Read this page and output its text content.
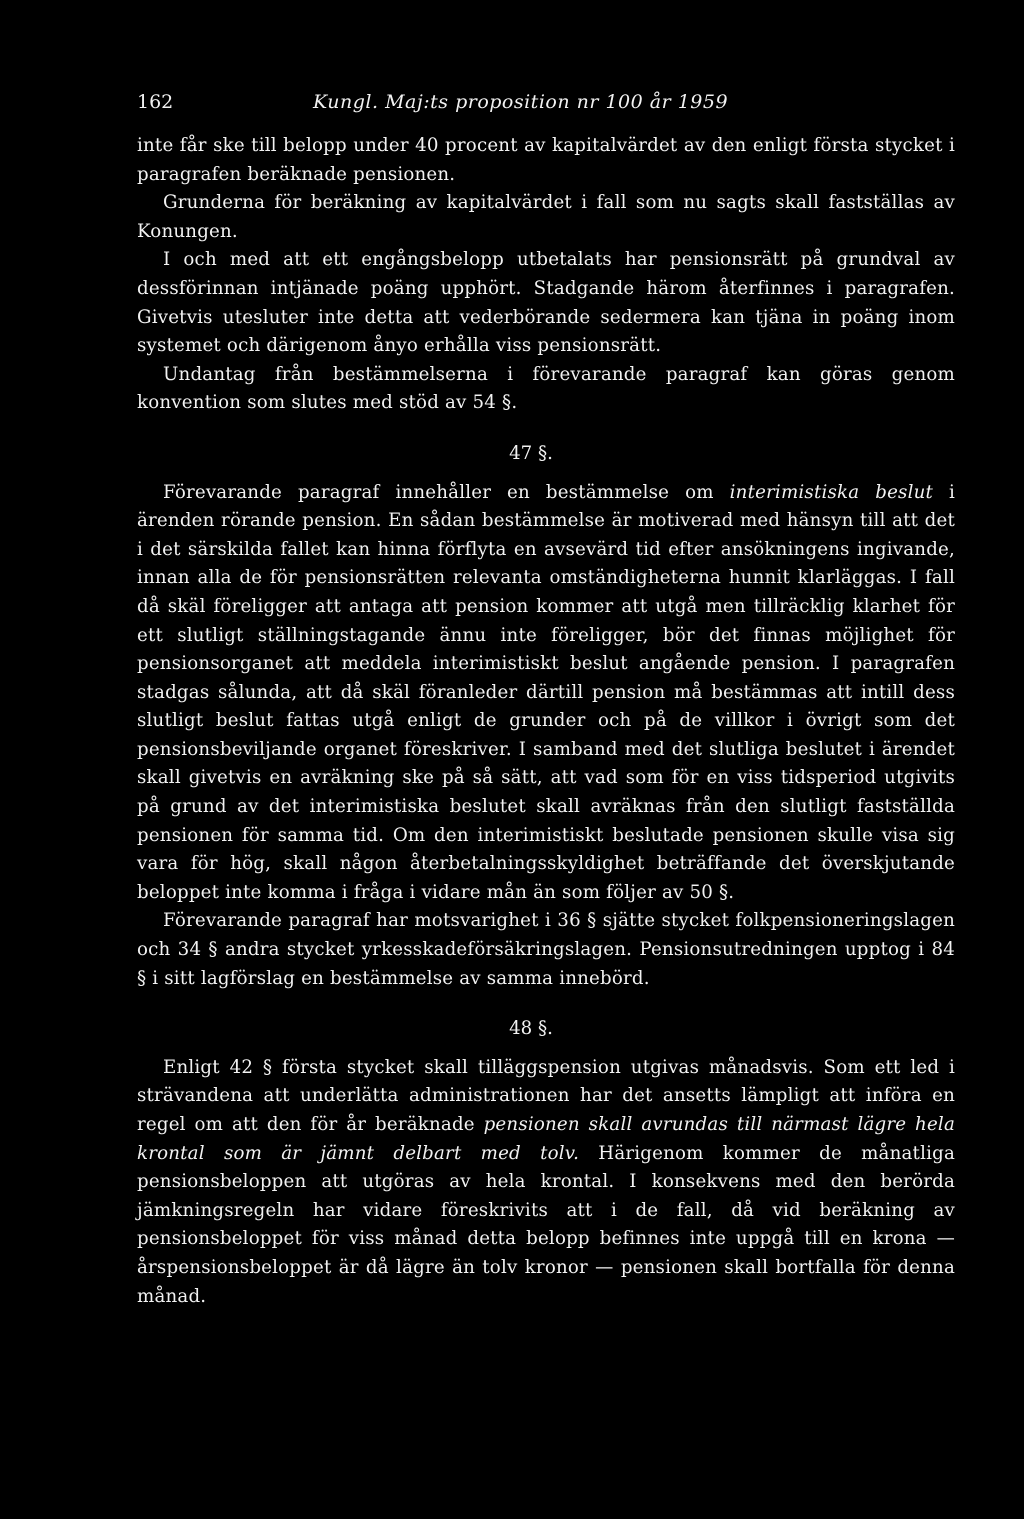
162	Kungl. Maj:ts proposition nr 100 år 1959

inte får ske till belopp under 40 procent av kapitalvärdet av den enligt första stycket i paragrafen beräknade pensionen.

Grunderna för beräkning av kapitalvärdet i fall som nu sagts skall fastställas av Konungen.

I och med att ett engångsbelopp utbetalats har pensionsrätt på grundval av dessförinnan intjänade poäng upphört. Stadgande härom återfinnes i paragrafen. Givetvis utesluter inte detta att vederbörande sedermera kan tjäna in poäng inom systemet och därigenom ånyo erhålla viss pensionsrätt.

Undantag från bestämmelserna i förevarande paragraf kan göras genom konvention som slutes med stöd av 54 §.

47 §.

Förevarande paragraf innehåller en bestämmelse om interimistiska beslut i ärenden rörande pension. En sådan bestämmelse är motiverad med hänsyn till att det i det särskilda fallet kan hinna förflyta en avsevärd tid efter ansökningens ingivande, innan alla de för pensionsrätten relevanta omständigheterna hunnit klarläggas. I fall då skäl föreligger att antaga att pension kommer att utgå men tillräcklig klarhet för ett slutligt ställningstagande ännu inte föreligger, bör det finnas möjlighet för pensionsorganet att meddela interimistiskt beslut angående pension. I paragrafen stadgas sålunda, att då skäl föranleder därtill pension må bestämmas att intill dess slutligt beslut fattas utgå enligt de grunder och på de villkor i övrigt som det pensionsbeviljande organet föreskriver. I samband med det slutliga beslutet i ärendet skall givetvis en avräkning ske på så sätt, att vad som för en viss tidsperiod utgivits på grund av det interimistiska beslutet skall avräknas från den slutligt fastställda pensionen för samma tid. Om den interimistiskt beslutade pensionen skulle visa sig vara för hög, skall någon återbetalningsskyldighet beträffande det överskjutande beloppet inte komma i fråga i vidare mån än som följer av 50 §.

Förevarande paragraf har motsvarighet i 36 § sjätte stycket folkpensioneringslagen och 34 § andra stycket yrkesskadeförsäkringslagen. Pensionsutredningen upptog i 84 § i sitt lagförslag en bestämmelse av samma innebörd.

48 §.

Enligt 42 § första stycket skall tilläggspension utgivas månadsvis. Som ett led i strävandena att underlätta administrationen har det ansetts lämpligt att införa en regel om att den för år beräknade pensionen skall avrundas till närmast lägre hela krontal som är jämnt delbart med tolv. Härigenom kommer de månatliga pensionsbeloppen att utgöras av hela krontal. I konsekvens med den berörda jämkningsregeln har vidare föreskrivits att i de fall, då vid beräkning av pensionsbeloppet för viss månad detta belopp befinnes inte uppgå till en krona — årspensionsbeloppet är då lägre än tolv kronor — pensionen skall bortfalla för denna månad.
